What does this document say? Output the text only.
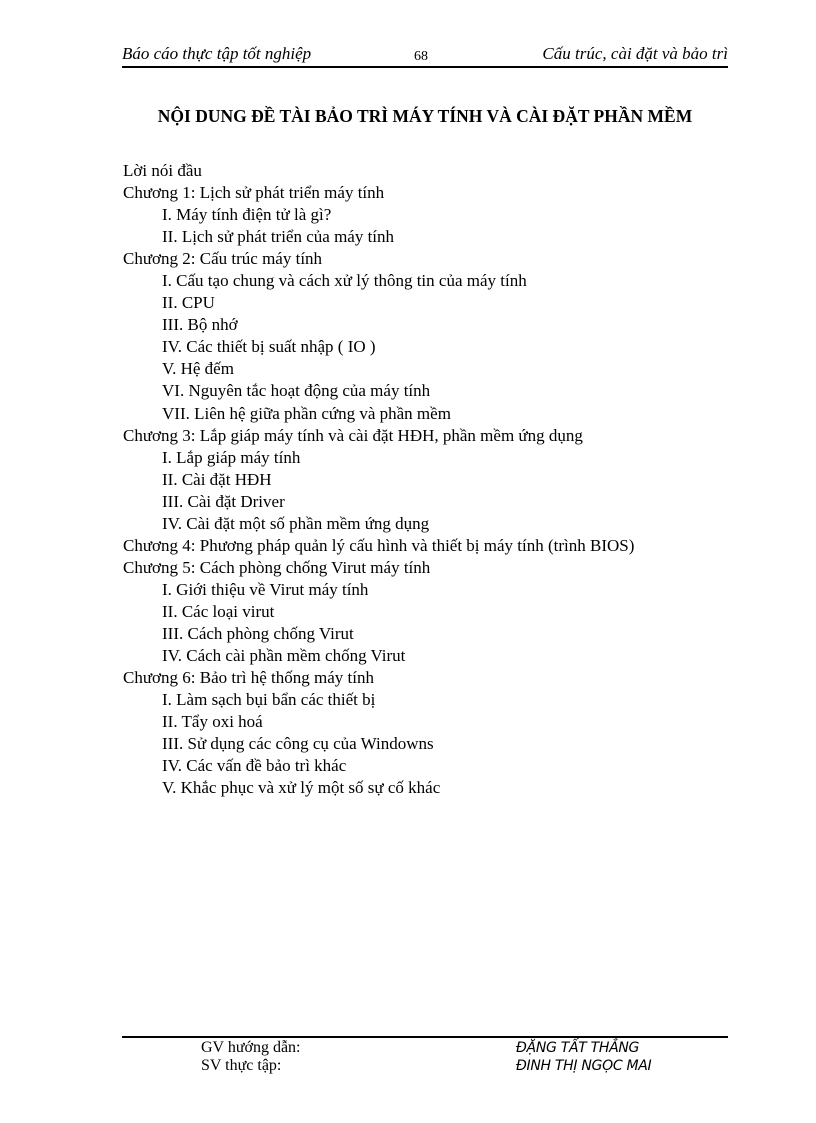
Báo cáo thực tập tốt nghiệp	68	Cấu trúc, cài đặt và bảo trì
NỘI DUNG ĐỀ TÀI BẢO TRÌ MÁY TÍNH VÀ CÀI ĐẶT PHẦN MỀM
Lời nói đầu
Chương 1: Lịch sử phát triển máy tính
I. Máy tính điện tử là gì?
II. Lịch sử phát triển của máy tính
Chương 2: Cấu trúc máy tính
I. Cấu tạo chung và cách xử lý thông tin của máy tính
II. CPU
III. Bộ nhớ
IV. Các thiết bị suất nhập ( IO )
V. Hệ đếm
VI. Nguyên tắc hoạt động của máy tính
VII. Liên hệ giữa phần cứng và phần mềm
Chương 3: Lắp giáp máy tính và cài đặt HĐH, phần mềm ứng dụng
I. Lắp giáp máy tính
II. Cài đặt HĐH
III. Cài đặt Driver
IV. Cài đặt một số phần mềm ứng dụng
Chương 4: Phương pháp quản lý cấu hình và thiết bị máy tính (trình BIOS)
Chương 5: Cách phòng chống Virut máy tính
I. Giới thiệu về Virut máy tính
II. Các loại virut
III. Cách phòng chống Virut
IV. Cách cài phần mềm chống Virut
Chương 6: Bảo trì hệ thống máy tính
I. Làm sạch bụi bẩn các thiết bị
II. Tẩy oxi hoá
III. Sử dụng các công cụ của Windowns
IV. Các vấn đề bảo trì khác
V. Khắc phục và xử lý một số sự cố khác
GV hướng dẫn:	ĐẶNG TẤT THẮNG
SV thực tập:	ĐINH THỊ NGỌC MAI
